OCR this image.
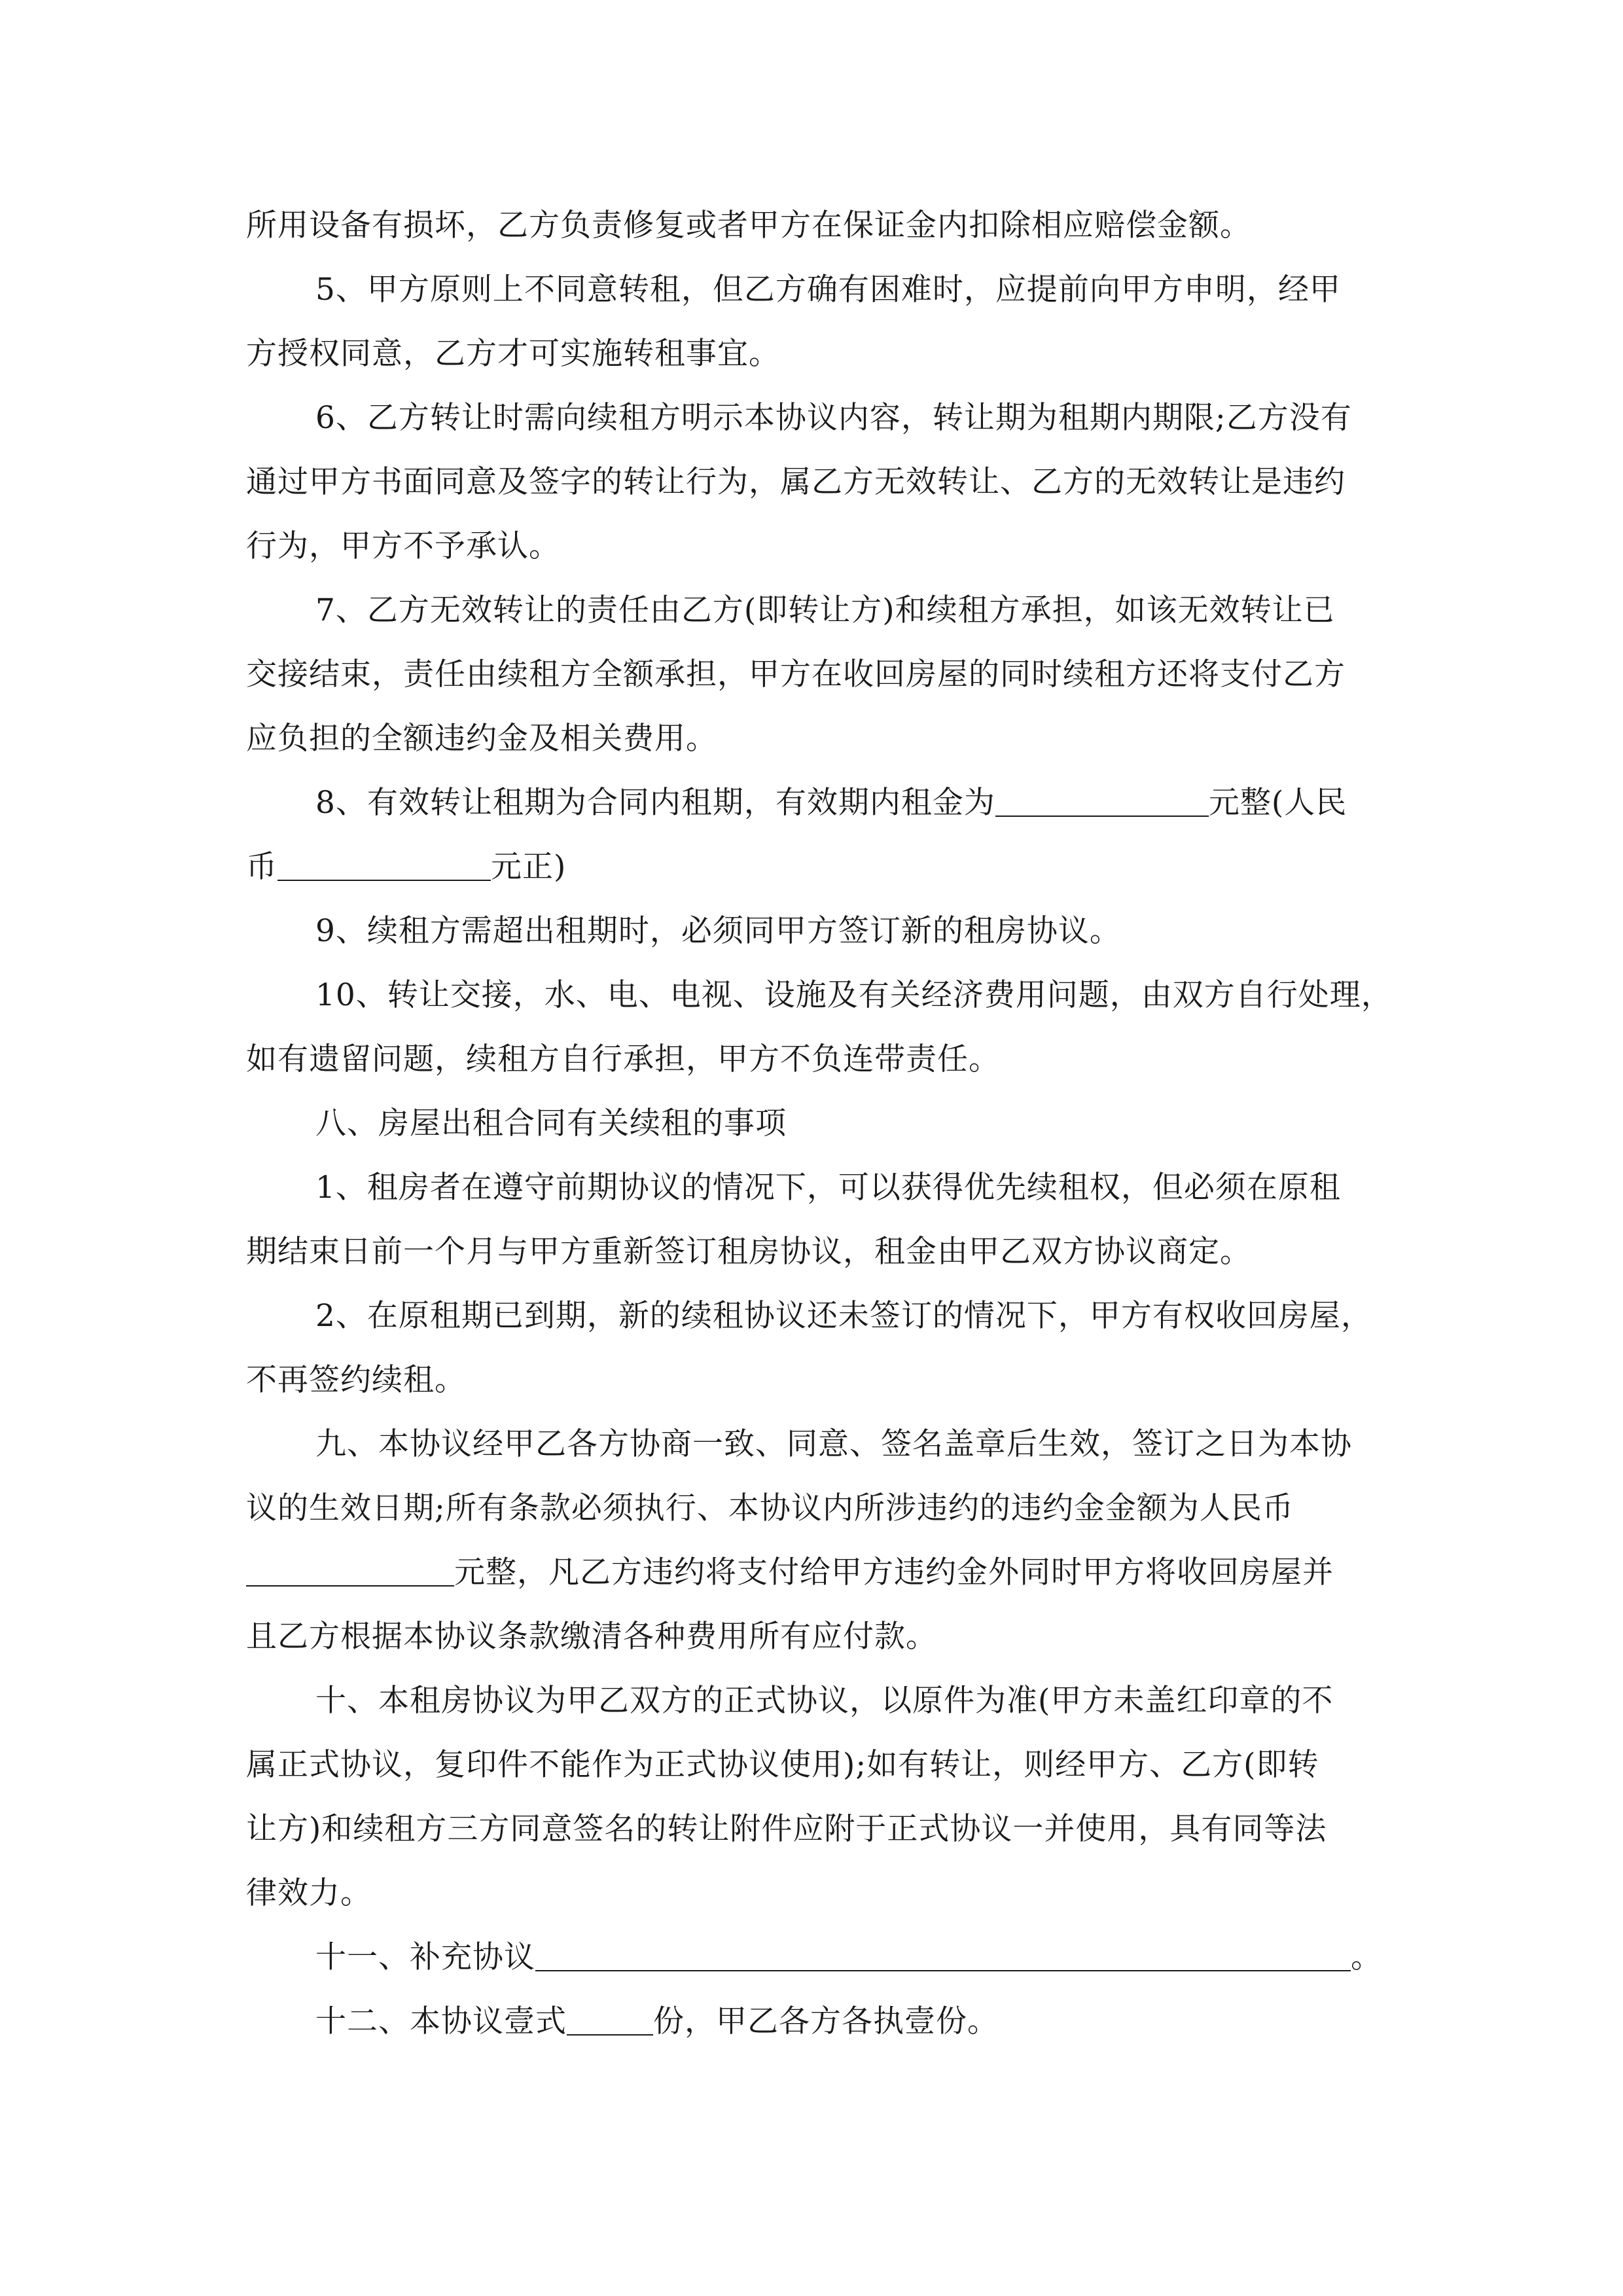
所用设备有损坏，乙方负责修复或者甲方在保证金内扣除相应赔偿金额。
5、甲方原则上不同意转租，但乙方确有困难时，应提前向甲方申明，经甲
方授权同意，乙方才可实施转租事宜。
6、乙方转让时需向续租方明示本协议内容，转让期为租期内期限;乙方没有
通过甲方书面同意及签字的转让行为，属乙方无效转让、乙方的无效转让是违约
行为，甲方不予承认。
7、乙方无效转让的责任由乙方(即转让方)和续租方承担，如该无效转让已
交接结束，责任由续租方全额承担，甲方在收回房屋的同时续租方还将支付乙方
应负担的全额违约金及相关费用。
8、有效转让租期为合同内租期，有效期内租金为	元整(人民
币	元正)
9、续租方需超出租期时，必须同甲方签订新的租房协议。
10、转让交接，水、电、电视、设施及有关经济费用问题，由双方自行处理，
如有遗留问题，续租方自行承担，甲方不负连带责任。
八、房屋出租合同有关续租的事项
1、租房者在遵守前期协议的情况下，可以获得优先续租权，但必须在原租
期结束日前一个月与甲方重新签订租房协议，租金由甲乙双方协议商定。
2、在原租期已到期，新的续租协议还未签订的情况下，甲方有权收回房屋，
不再签约续租。
九、本协议经甲乙各方协商一致、同意、签名盖章后生效，签订之日为本协
议的生效日期;所有条款必须执行、本协议内所涉违约的违约金金额为人民币
元整，凡乙方违约将支付给甲方违约金外同时甲方将收回房屋并
且乙方根据本协议条款缴清各种费用所有应付款。
十、本租房协议为甲乙双方的正式协议，以原件为准(甲方未盖红印章的不
属正式协议，复印件不能作为正式协议使用);如有转让，则经甲方、乙方(即转
让方)和续租方三方同意签名的转让附件应附于正式协议一并使用，具有同等法
律效力。
十一、补充协议	。
十二、本协议壹式	份，甲乙各方各执壹份。
